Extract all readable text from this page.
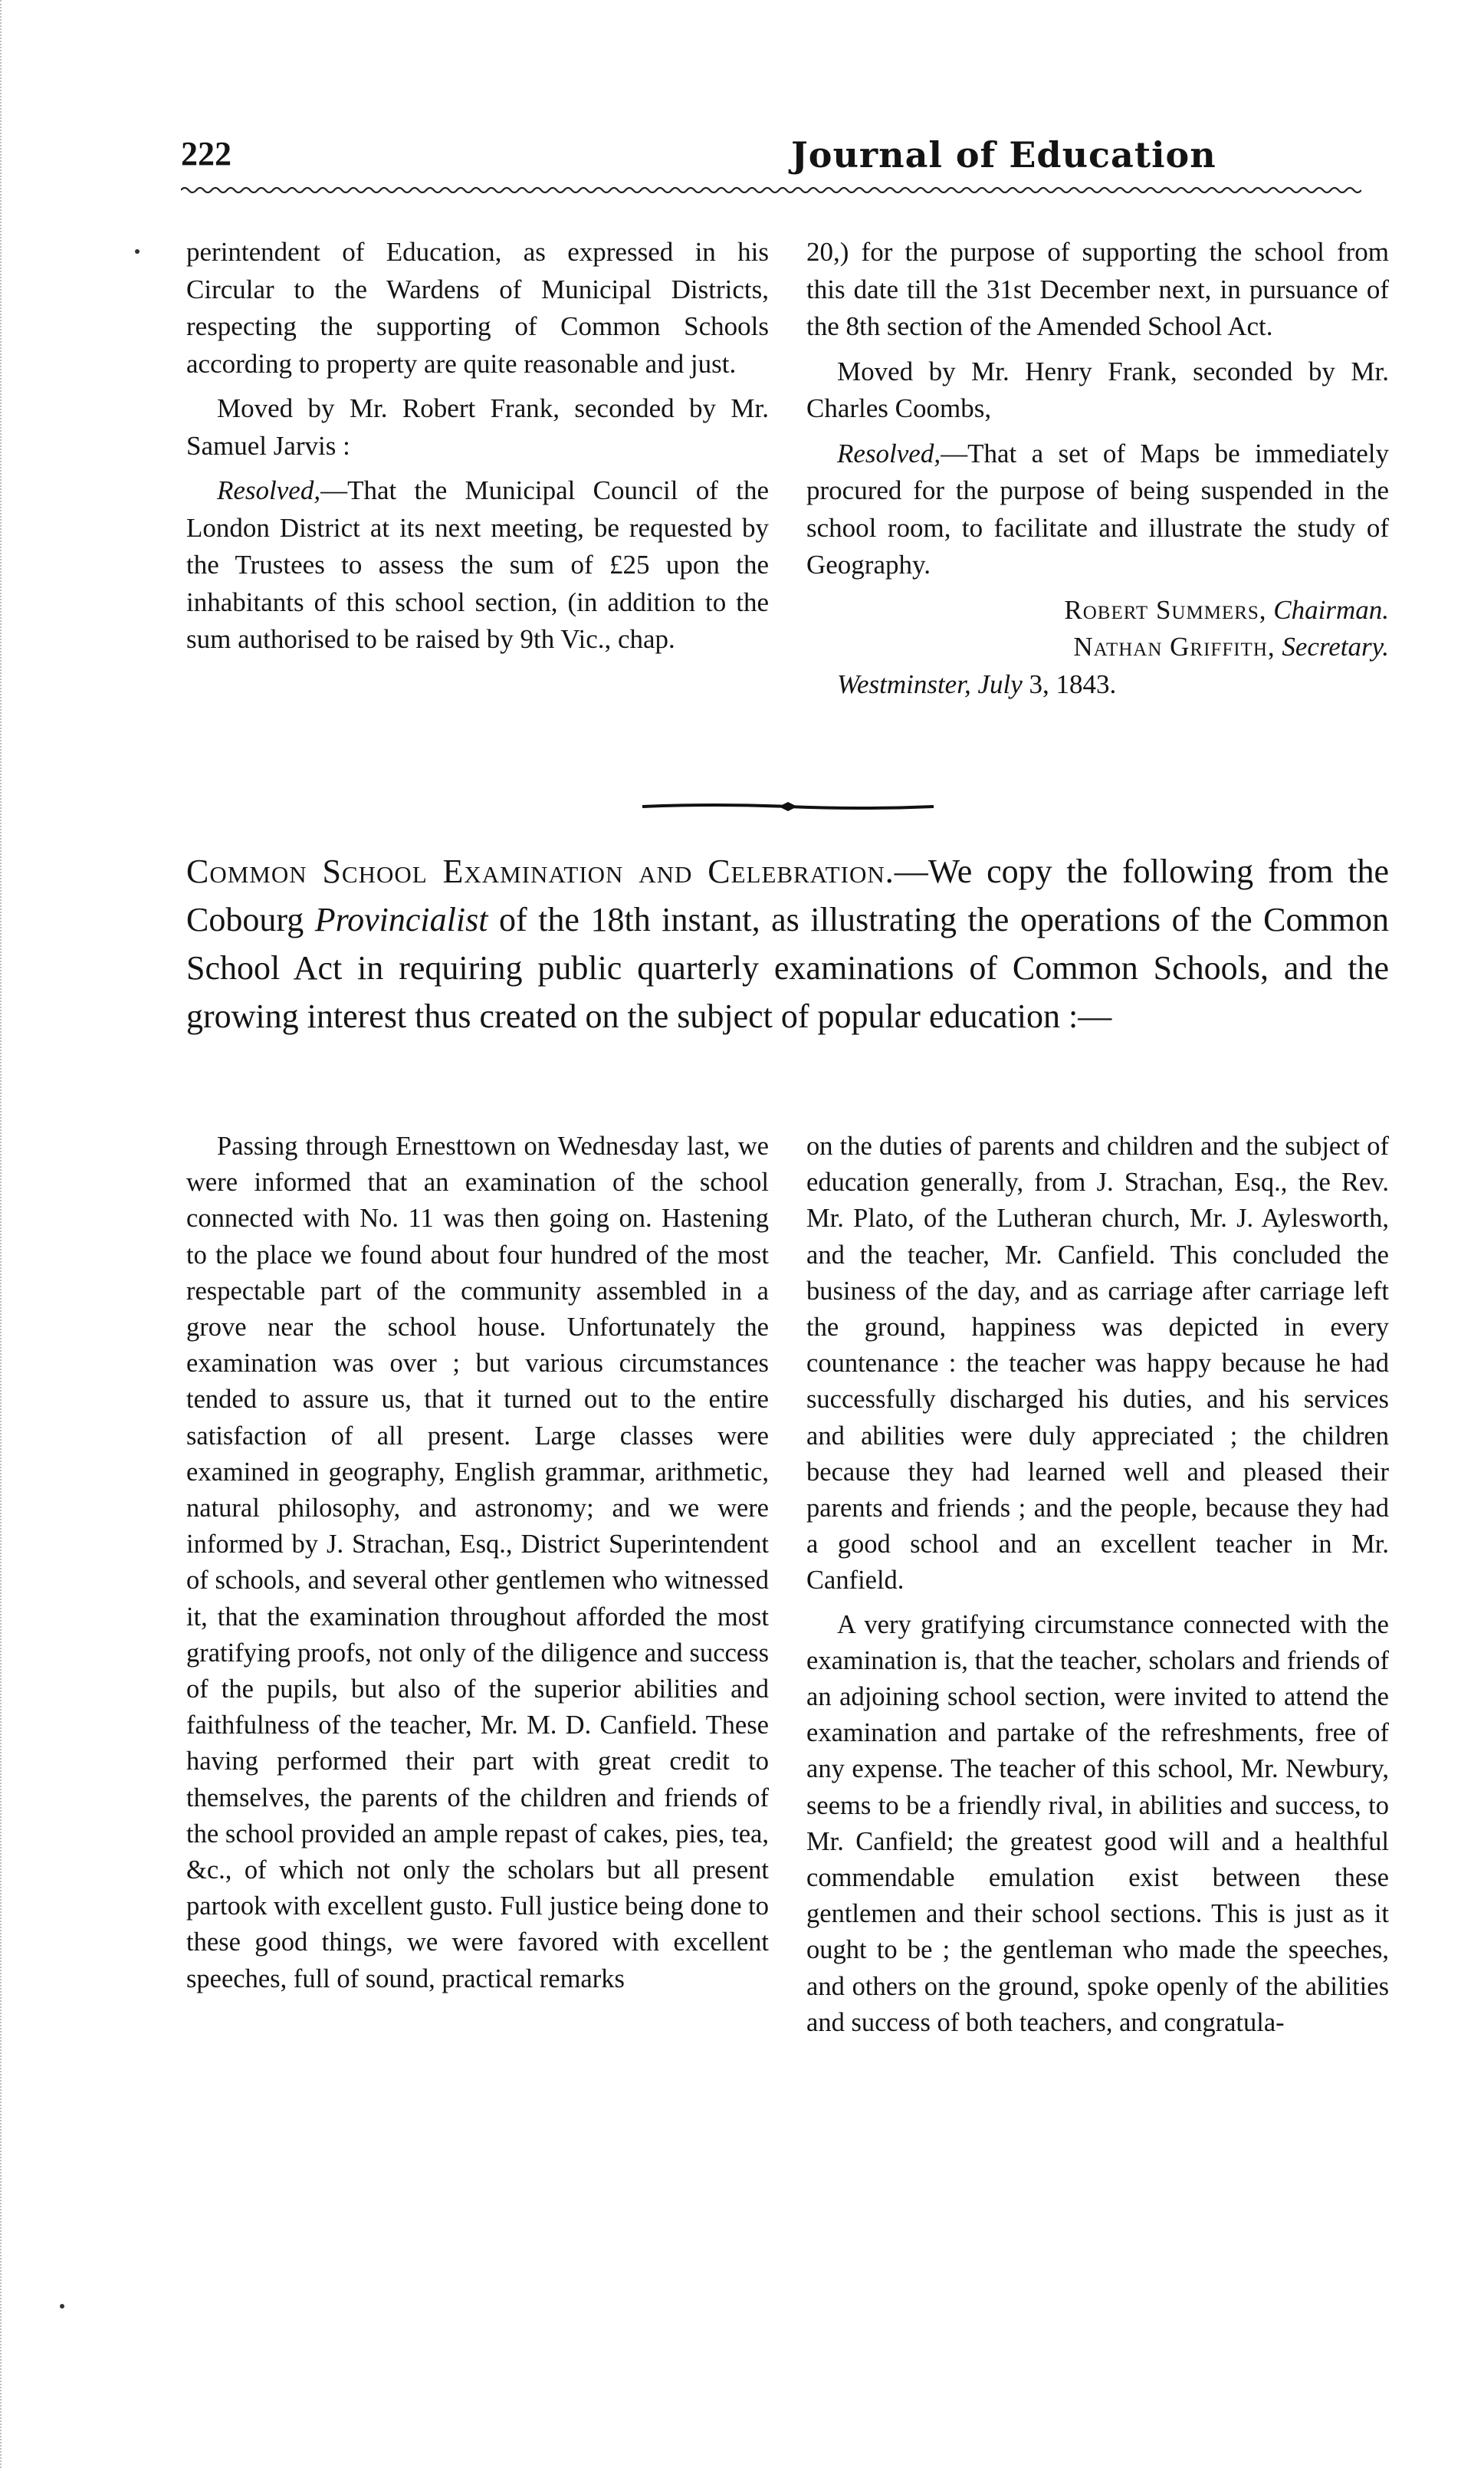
222	Journal of Education

perintendent of Education, as expressed in his Circular to the Wardens of Municipal Districts, respecting the supporting of Common Schools according to property are quite reasonable and just.

Moved by Mr. Robert Frank, seconded by Mr. Samuel Jarvis :

Resolved,—That the Municipal Council of the London District at its next meeting, be requested by the Trustees to assess the sum of £25 upon the inhabitants of this school section, (in addition to the sum authorised to be raised by 9th Vic., chap.

20,) for the purpose of supporting the school from this date till the 31st December next, in pursuance of the 8th section of the Amended School Act.

Moved by Mr. Henry Frank, seconded by Mr. Charles Coombs,

Resolved,—That a set of Maps be immediately procured for the purpose of being suspended in the school room, to facilitate and illustrate the study of Geography.

Robert Summers, Chairman.

Nathan Griffith, Secretary.

Westminster, July 3, 1843.

Common School Examination and Celebration.—We copy the following from the Cobourg Provincialist of the 18th instant, as illustrating the operations of the Common School Act in requiring public quarterly examinations of Common Schools, and the growing interest thus created on the subject of popular education :—

Passing through Ernesttown on Wednesday last, we were informed that an examination of the school connected with No. 11 was then going on. Hastening to the place we found about four hundred of the most respectable part of the community assembled in a grove near the school house. Unfortunately the examination was over ; but various circumstances tended to assure us, that it turned out to the entire satisfaction of all present. Large classes were examined in geography, English grammar, arithmetic, natural philosophy, and astronomy; and we were informed by J. Strachan, Esq., District Superintendent of schools, and several other gentlemen who witnessed it, that the examination throughout afforded the most gratifying proofs, not only of the diligence and success of the pupils, but also of the superior abilities and faithfulness of the teacher, Mr. M. D. Canfield. These having performed their part with great credit to themselves, the parents of the children and friends of the school provided an ample repast of cakes, pies, tea, &c., of which not only the scholars but all present partook with excellent gusto. Full justice being done to these good things, we were favored with excellent speeches, full of sound, practical remarks

on the duties of parents and children and the subject of education generally, from J. Strachan, Esq., the Rev. Mr. Plato, of the Lutheran church, Mr. J. Aylesworth, and the teacher, Mr. Canfield. This concluded the business of the day, and as carriage after carriage left the ground, happiness was depicted in every countenance : the teacher was happy because he had successfully discharged his duties, and his services and abilities were duly appreciated ; the children because they had learned well and pleased their parents and friends ; and the people, because they had a good school and an excellent teacher in Mr. Canfield.

A very gratifying circumstance connected with the examination is, that the teacher, scholars and friends of an adjoining school section, were invited to attend the examination and partake of the refreshments, free of any expense. The teacher of this school, Mr. Newbury, seems to be a friendly rival, in abilities and success, to Mr. Canfield; the greatest good will and a healthful commendable emulation exist between these gentlemen and their school sections. This is just as it ought to be ; the gentleman who made the speeches, and others on the ground, spoke openly of the abilities and success of both teachers, and congratula-
